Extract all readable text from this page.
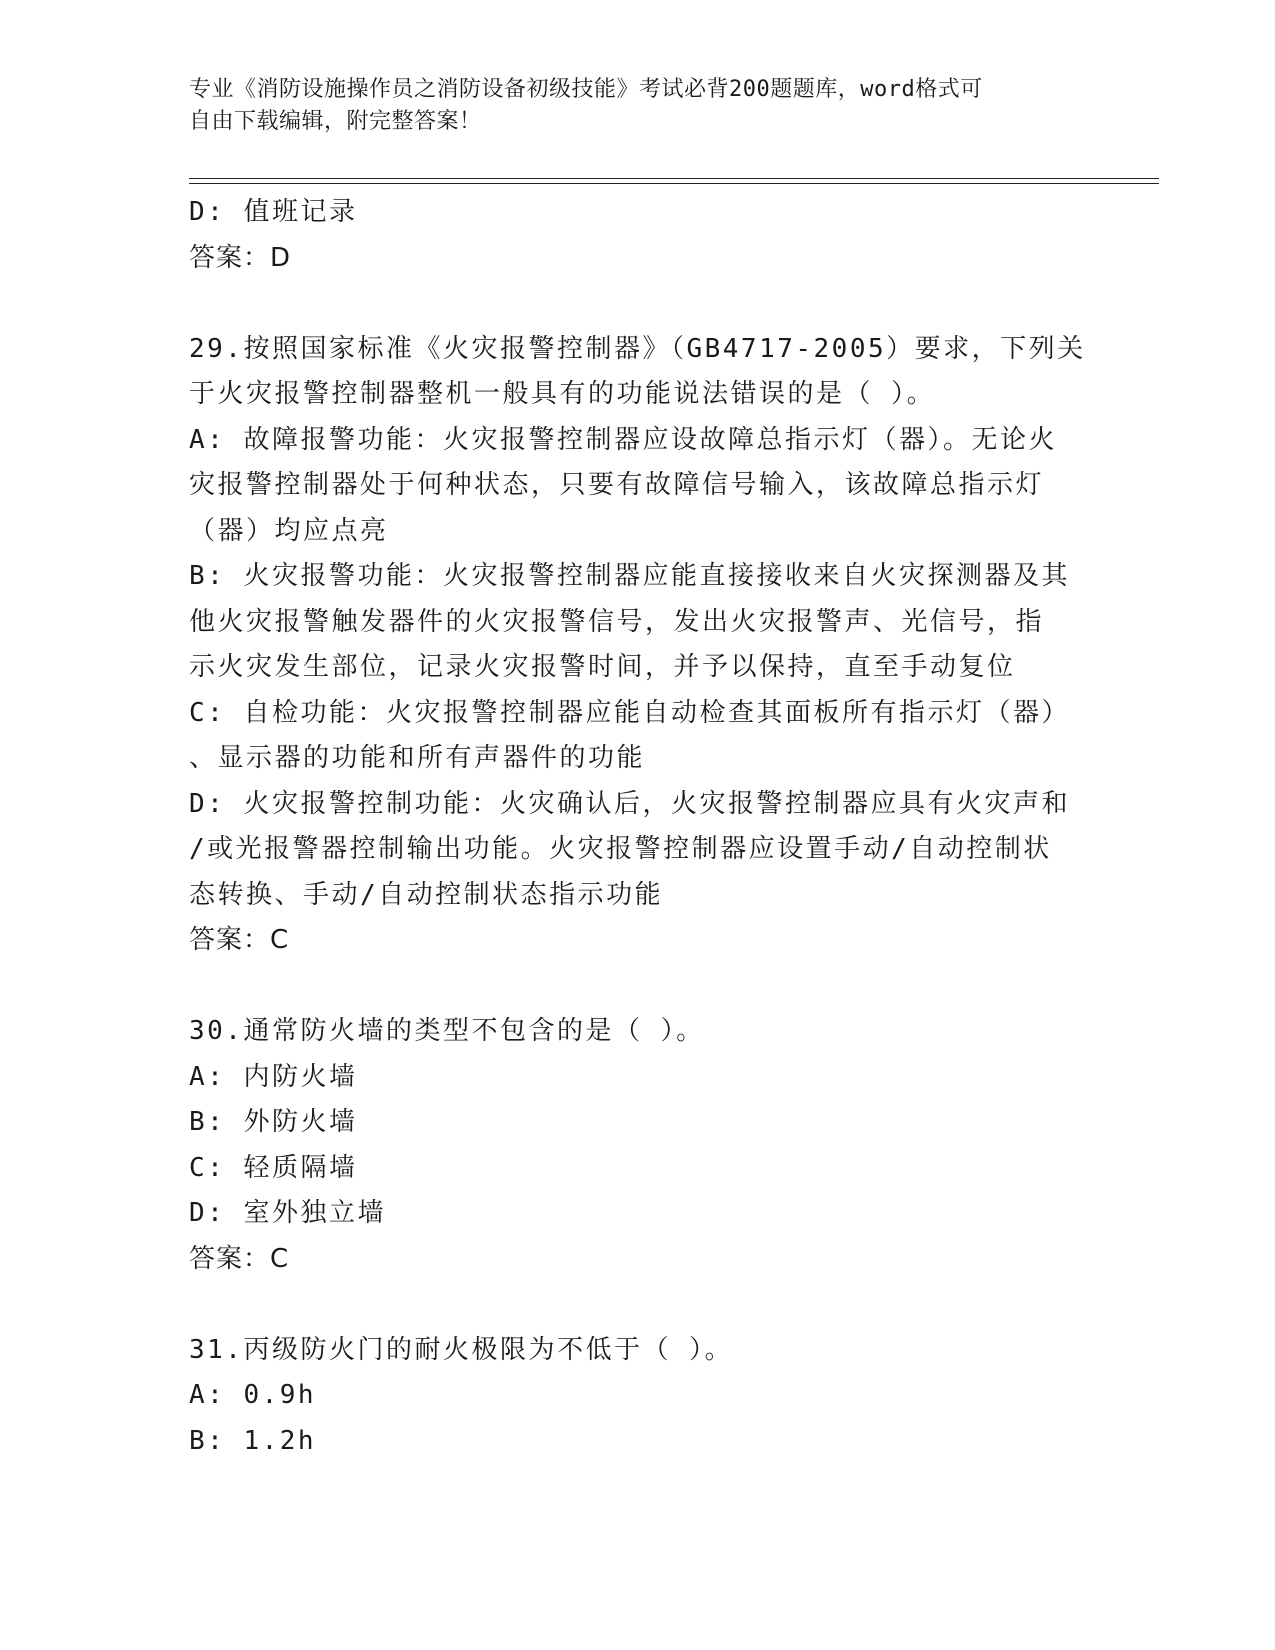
专业《消防设施操作员之消防设备初级技能》考试必背200题题库，word格式可
自由下载编辑，附完整答案！
D: 值班记录
答案：D
29.按照国家标准《火灾报警控制器》（GB4717-2005）要求，下列关
于火灾报警控制器整机一般具有的功能说法错误的是（ ）。
A: 故障报警功能：火灾报警控制器应设故障总指示灯（器）。无论火
灾报警控制器处于何种状态，只要有故障信号输入，该故障总指示灯
（器）均应点亮
B: 火灾报警功能：火灾报警控制器应能直接接收来自火灾探测器及其
他火灾报警触发器件的火灾报警信号，发出火灾报警声、光信号，指
示火灾发生部位，记录火灾报警时间，并予以保持，直至手动复位
C: 自检功能：火灾报警控制器应能自动检查其面板所有指示灯（器）
、显示器的功能和所有声器件的功能
D: 火灾报警控制功能：火灾确认后，火灾报警控制器应具有火灾声和
/或光报警器控制输出功能。火灾报警控制器应设置手动/自动控制状
态转换、手动/自动控制状态指示功能
答案：C
30.通常防火墙的类型不包含的是（ ）。
A: 内防火墙
B: 外防火墙
C: 轻质隔墙
D: 室外独立墙
答案：C
31.丙级防火门的耐火极限为不低于（ ）。
A: 0.9h
B: 1.2h
